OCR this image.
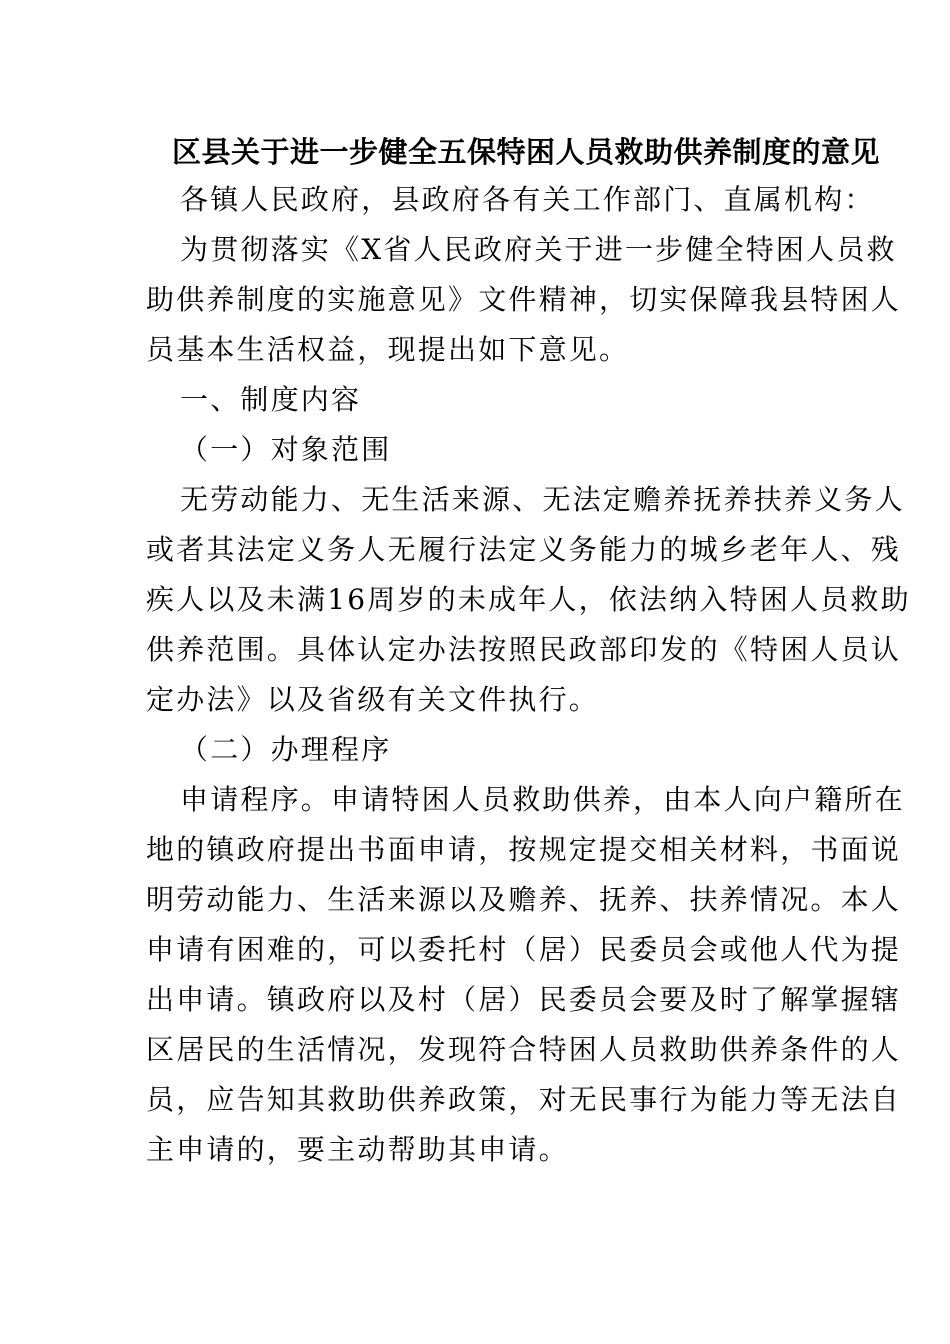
区县关于进一步健全五保特困人员救助供养制度的意见
各镇人民政府，县政府各有关工作部门、直属机构：
为贯彻落实《X省人民政府关于进一步健全特困人员救
助供养制度的实施意见》文件精神，切实保障我县特困人
员基本生活权益，现提出如下意见。
一、制度内容
（一）对象范围
无劳动能力、无生活来源、无法定赡养抚养扶养义务人
或者其法定义务人无履行法定义务能力的城乡老年人、残
疾人以及未满16周岁的未成年人，依法纳入特困人员救助
供养范围。具体认定办法按照民政部印发的《特困人员认
定办法》以及省级有关文件执行。
（二）办理程序
申请程序。申请特困人员救助供养，由本人向户籍所在
地的镇政府提出书面申请，按规定提交相关材料，书面说
明劳动能力、生活来源以及赡养、抚养、扶养情况。本人
申请有困难的，可以委托村（居）民委员会或他人代为提
出申请。镇政府以及村（居）民委员会要及时了解掌握辖
区居民的生活情况，发现符合特困人员救助供养条件的人
员，应告知其救助供养政策，对无民事行为能力等无法自
主申请的，要主动帮助其申请。
